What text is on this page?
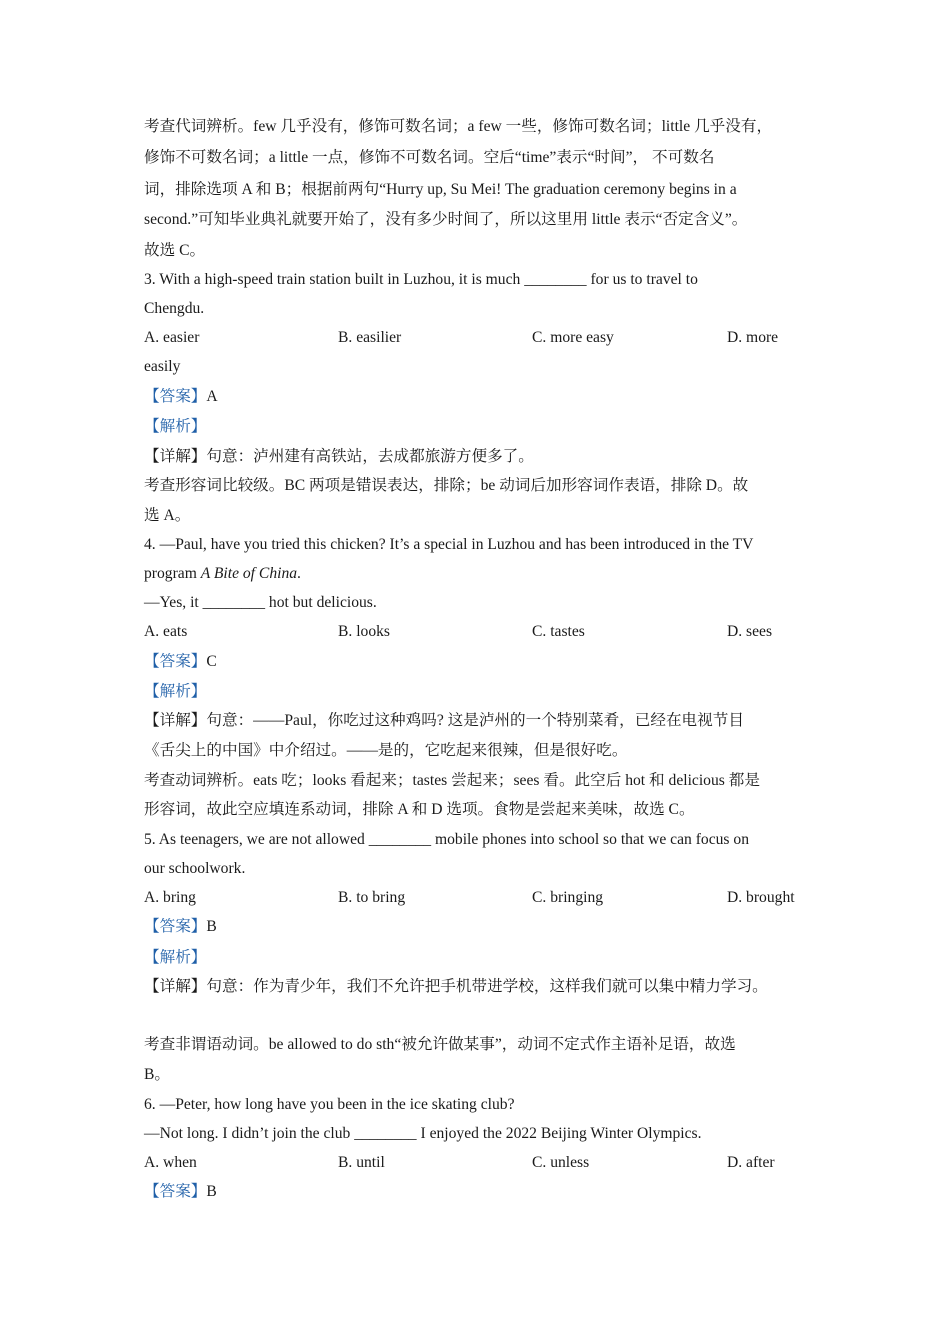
考查代词辨析。few 几乎没有，修饰可数名词；a few 一些，修饰可数名词；little 几乎没有，
修饰不可数名词；a little 一点，修饰不可数名词。空后“time”表示“时间”， 不可数名
词，排除选项 A 和 B；根据前两句“Hurry up, Su Mei! The graduation ceremony begins in a
second.”可知毕业典礼就要开始了，没有多少时间了，所以这里用 little 表示“否定含义”。
故选 C。
3. With a high-speed train station built in Luzhou, it is much ________ for us to travel to
Chengdu.
A. easier	B. easilier	C. more easy	D. more
easily
【答案】A
【解析】
【详解】句意：泸州建有高铁站，去成都旅游方便多了。
考查形容词比较级。BC 两项是错误表达，排除；be 动词后加形容词作表语，排除 D。故
选 A。
4. —Paul, have you tried this chicken? It’s a special in Luzhou and has been introduced in the TV
program A Bite of China.
—Yes, it ________ hot but delicious.
A. eats	B. looks	C. tastes	D. sees
【答案】C
【解析】
【详解】句意：——Paul，你吃过这种鸡吗? 这是泸州的一个特别菜肴，已经在电视节目
《舌尖上的中国》中介绍过。——是的，它吃起来很辣，但是很好吃。
考查动词辨析。eats 吃；looks 看起来；tastes 尝起来；sees 看。此空后 hot 和 delicious 都是
形容词，故此空应填连系动词，排除 A 和 D 选项。食物是尝起来美味，故选 C。
5. As teenagers, we are not allowed ________ mobile phones into school so that we can focus on
our schoolwork.
A. bring	B. to bring	C. bringing	D. brought
【答案】B
【解析】
【详解】句意：作为青少年，我们不允许把手机带进学校，这样我们就可以集中精力学习。
考查非谓语动词。be allowed to do sth“被允许做某事”，动词不定式作主语补足语，故选
B。
6. —Peter, how long have you been in the ice skating club?
—Not long. I didn’t join the club ________ I enjoyed the 2022 Beijing Winter Olympics.
A. when	B. until	C. unless	D. after
【答案】B
